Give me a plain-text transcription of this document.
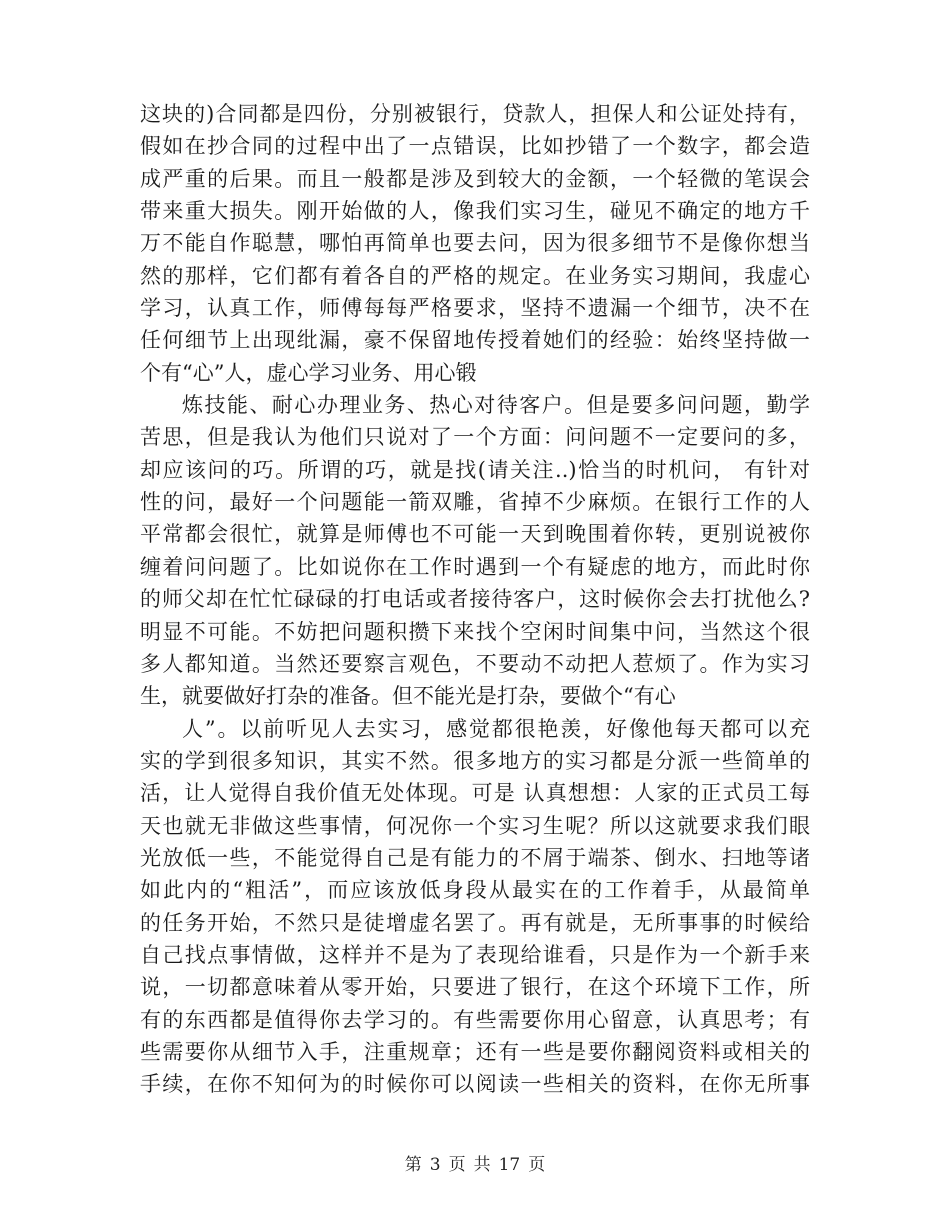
这块的)合同都是四份，分别被银行，贷款人，担保人和公证处持有，
假如在抄合同的过程中出了一点错误，比如抄错了一个数字，都会造
成严重的后果。而且一般都是涉及到较大的金额，一个轻微的笔误会
带来重大损失。刚开始做的人，像我们实习生，碰见不确定的地方千
万不能自作聪慧，哪怕再简单也要去问，因为很多细节不是像你想当
然的那样，它们都有着各自的严格的规定。在业务实习期间，我虚心
学习，认真工作，师傅每每严格要求，坚持不遗漏一个细节，决不在
任何细节上出现纰漏，豪不保留地传授着她们的经验：始终坚持做一
个有“心”人，虚心学习业务、用心锻
炼技能、耐心办理业务、热心对待客户。但是要多问问题，勤学
苦思，但是我认为他们只说对了一个方面：问问题不一定要问的多，
却应该问的巧。所谓的巧，就是找(请关注..)恰当的时机问， 有针对
性的问，最好一个问题能一箭双雕，省掉不少麻烦。在银行工作的人
平常都会很忙，就算是师傅也不可能一天到晚围着你转，更别说被你
缠着问问题了。比如说你在工作时遇到一个有疑虑的地方，而此时你
的师父却在忙忙碌碌的打电话或者接待客户，这时候你会去打扰他么?
明显不可能。不妨把问题积攒下来找个空闲时间集中问，当然这个很
多人都知道。当然还要察言观色，不要动不动把人惹烦了。作为实习
生，就要做好打杂的准备。但不能光是打杂，要做个“有心
人”。以前听见人去实习，感觉都很艳羡，好像他每天都可以充
实的学到很多知识，其实不然。很多地方的实习都是分派一些简单的
活，让人觉得自我价值无处体现。可是 认真想想：人家的正式员工每
天也就无非做这些事情，何况你一个实习生呢？所以这就要求我们眼
光放低一些，不能觉得自己是有能力的不屑于端茶、倒水、扫地等诸
如此内的“粗活”，而应该放低身段从最实在的工作着手，从最简单
的任务开始，不然只是徒增虚名罢了。再有就是，无所事事的时候给
自己找点事情做，这样并不是为了表现给谁看，只是作为一个新手来
说，一切都意味着从零开始，只要进了银行，在这个环境下工作，所
有的东西都是值得你去学习的。有些需要你用心留意，认真思考；有
些需要你从细节入手，注重规章；还有一些是要你翻阅资料或相关的
手续，在你不知何为的时候你可以阅读一些相关的资料，在你无所事
第 3 页 共 17 页
